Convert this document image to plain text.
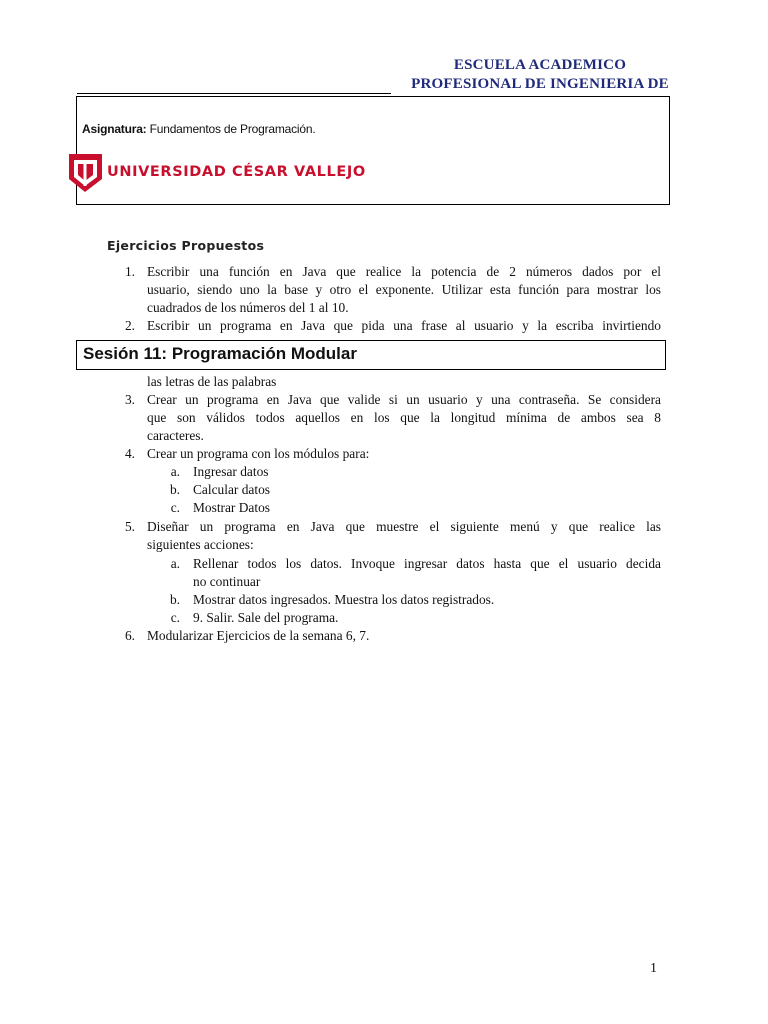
ESCUELA ACADEMICO
PROFESIONAL DE INGENIERIA DE
Asignatura: Fundamentos de Programación.
UNIVERSIDAD CÉSAR VALLEJO
Ejercicios Propuestos
1. Escribir una función en Java que realice la potencia de 2 números dados por el
usuario, siendo uno la base y otro el exponente. Utilizar esta función para mostrar los
cuadrados de los números del 1 al 10.
2. Escribir un programa en Java que pida una frase al usuario y la escriba invirtiendo
Sesión 11: Programación Modular
las letras de las palabras
3. Crear un programa en Java que valide si un usuario y una contraseña. Se considera
que son válidos todos aquellos en los que la longitud mínima de ambos sea 8
caracteres.
4. Crear un programa con los módulos para:
a. Ingresar datos
b. Calcular datos
c. Mostrar Datos
5. Diseñar un programa en Java que muestre el siguiente menú y que realice las
siguientes acciones:
a. Rellenar todos los datos. Invoque ingresar datos hasta que el usuario decida
no continuar
b. Mostrar datos ingresados. Muestra los datos registrados.
c. 9. Salir. Sale del programa.
6. Modularizar Ejercicios de la semana 6, 7.
1
